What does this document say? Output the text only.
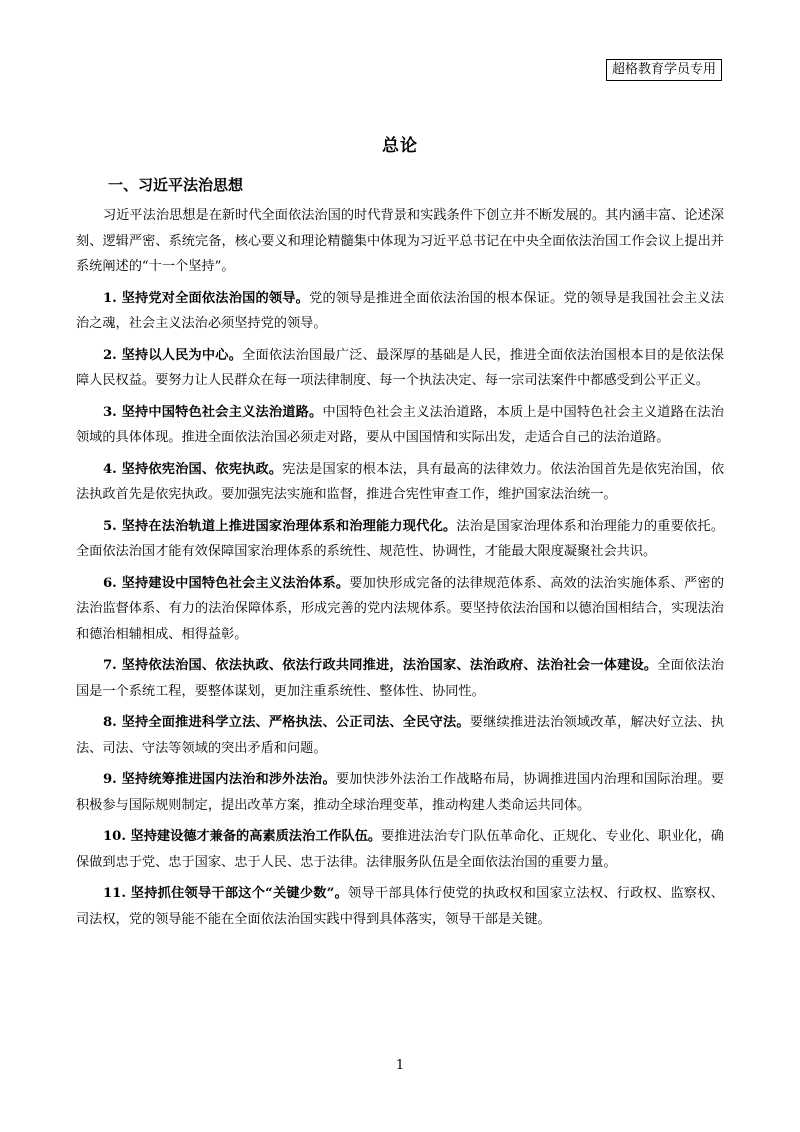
超格教育学员专用
总论
一、习近平法治思想

习近平法治思想是在新时代全面依法治国的时代背景和实践条件下创立并不断发展的。其内涵丰富、论述深刻、逻辑严密、系统完备，核心要义和理论精髓集中体现为习近平总书记在中央全面依法治国工作会议上提出并系统阐述的“十一个坚持”。

1. 坚持党对全面依法治国的领导。党的领导是推进全面依法治国的根本保证。党的领导是我国社会主义法治之魂，社会主义法治必须坚持党的领导。

2. 坚持以人民为中心。全面依法治国最广泛、最深厚的基础是人民，推进全面依法治国根本目的是依法保障人民权益。要努力让人民群众在每一项法律制度、每一个执法决定、每一宗司法案件中都感受到公平正义。

3. 坚持中国特色社会主义法治道路。中国特色社会主义法治道路，本质上是中国特色社会主义道路在法治领域的具体体现。推进全面依法治国必须走对路，要从中国国情和实际出发，走适合自己的法治道路。

4. 坚持依宪治国、依宪执政。宪法是国家的根本法，具有最高的法律效力。依法治国首先是依宪治国，依法执政首先是依宪执政。要加强宪法实施和监督，推进合宪性审查工作，维护国家法治统一。

5. 坚持在法治轨道上推进国家治理体系和治理能力现代化。法治是国家治理体系和治理能力的重要依托。全面依法治国才能有效保障国家治理体系的系统性、规范性、协调性，才能最大限度凝聚社会共识。

6. 坚持建设中国特色社会主义法治体系。要加快形成完备的法律规范体系、高效的法治实施体系、严密的法治监督体系、有力的法治保障体系，形成完善的党内法规体系。要坚持依法治国和以德治国相结合，实现法治和德治相辅相成、相得益彰。

7. 坚持依法治国、依法执政、依法行政共同推进，法治国家、法治政府、法治社会一体建设。全面依法治国是一个系统工程，要整体谋划，更加注重系统性、整体性、协同性。

8. 坚持全面推进科学立法、严格执法、公正司法、全民守法。要继续推进法治领域改革，解决好立法、执法、司法、守法等领域的突出矛盾和问题。

9. 坚持统筹推进国内法治和涉外法治。要加快涉外法治工作战略布局，协调推进国内治理和国际治理。要积极参与国际规则制定，提出改革方案，推动全球治理变革，推动构建人类命运共同体。

10. 坚持建设德才兼备的高素质法治工作队伍。要推进法治专门队伍革命化、正规化、专业化、职业化，确保做到忠于党、忠于国家、忠于人民、忠于法律。法律服务队伍是全面依法治国的重要力量。

11. 坚持抓住领导干部这个“关键少数”。领导干部具体行使党的执政权和国家立法权、行政权、监察权、司法权，党的领导能不能在全面依法治国实践中得到具体落实，领导干部是关键。

1
